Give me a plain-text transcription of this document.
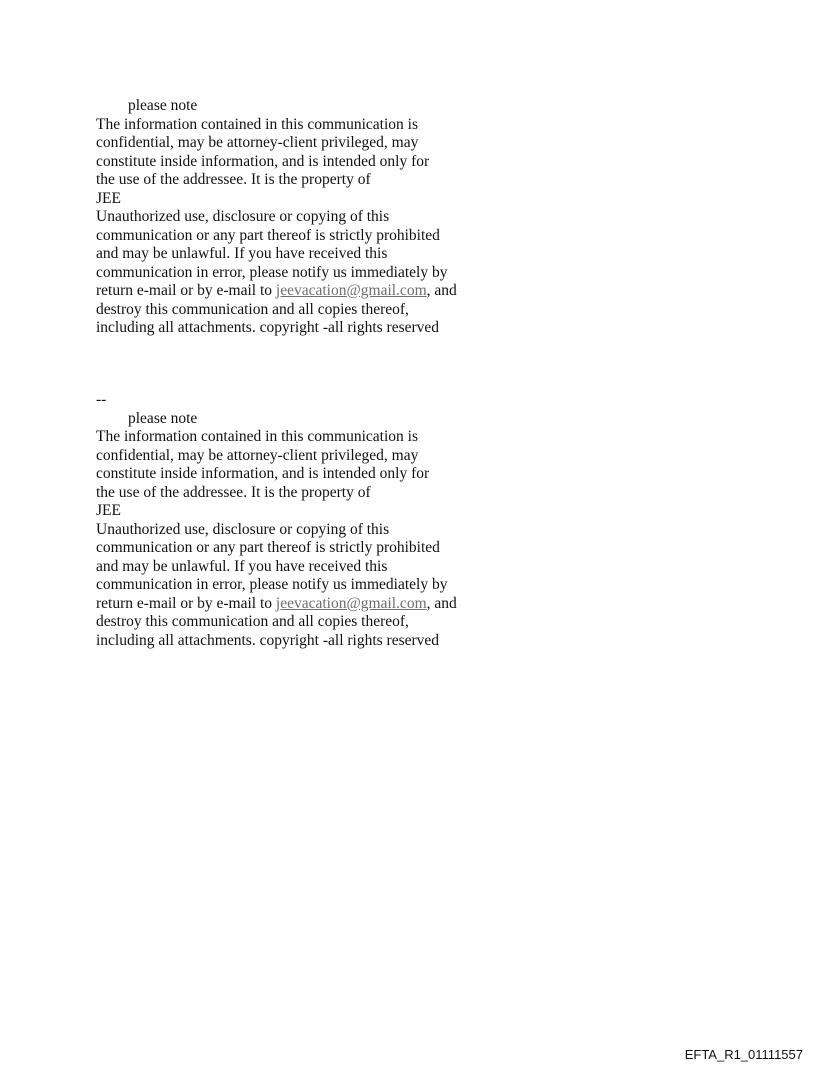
please note
The information contained in this communication is
confidential, may be attorney-client privileged, may
constitute inside information, and is intended only for
the use of the addressee. It is the property of
JEE
Unauthorized use, disclosure or copying of this
communication or any part thereof is strictly prohibited
and may be unlawful. If you have received this
communication in error, please notify us immediately by
return e-mail or by e-mail to jeevacation@gmail.com, and
destroy this communication and all copies thereof,
including all attachments. copyright -all rights reserved
--
please note
The information contained in this communication is
confidential, may be attorney-client privileged, may
constitute inside information, and is intended only for
the use of the addressee. It is the property of
JEE
Unauthorized use, disclosure or copying of this
communication or any part thereof is strictly prohibited
and may be unlawful. If you have received this
communication in error, please notify us immediately by
return e-mail or by e-mail to jeevacation@gmail.com, and
destroy this communication and all copies thereof,
including all attachments. copyright -all rights reserved
EFTA_R1_01111557
